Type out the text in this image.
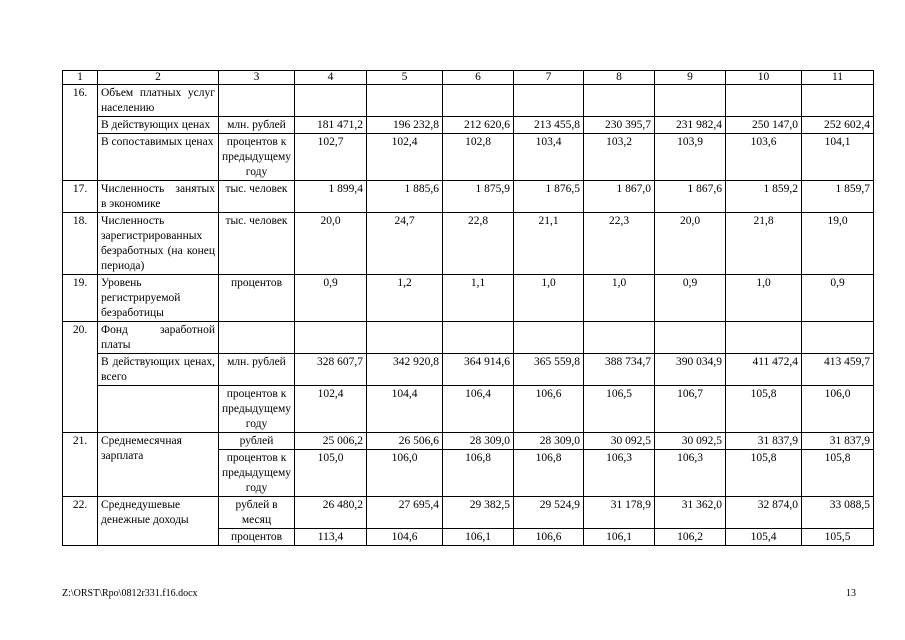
1	2	3	4	5	6	7	8	9	10	11
16.	Объем платных услуг населению									
	В действующих ценах	млн. рублей	181 471,2	196 232,8	212 620,6	213 455,8	230 395,7	231 982,4	250 147,0	252 602,4
	В сопоставимых ценах	процентов к предыдущему году	102,7	102,4	102,8	103,4	103,2	103,9	103,6	104,1
17.	Численность занятых в экономике	тыс. человек	1 899,4	1 885,6	1 875,9	1 876,5	1 867,0	1 867,6	1 859,2	1 859,7
18.	Численность зарегистрированных безработных (на конец периода)	тыс. человек	20,0	24,7	22,8	21,1	22,3	20,0	21,8	19,0
19.	Уровень регистрируемой безработицы	процентов	0,9	1,2	1,1	1,0	1,0	0,9	1,0	0,9
20.	Фонд заработной платы									
	В действующих ценах, всего	млн. рублей	328 607,7	342 920,8	364 914,6	365 559,8	388 734,7	390 034,9	411 472,4	413 459,7
		процентов к предыдущему году	102,4	104,4	106,4	106,6	106,5	106,7	105,8	106,0
21.	Среднемесячная зарплата	рублей	25 006,2	26 506,6	28 309,0	28 309,0	30 092,5	30 092,5	31 837,9	31 837,9
		процентов к предыдущему году	105,0	106,0	106,8	106,8	106,3	106,3	105,8	105,8
22.	Среднедушевые денежные доходы	рублей в месяц	26 480,2	27 695,4	29 382,5	29 524,9	31 178,9	31 362,0	32 874,0	33 088,5
		процентов	113,4	104,6	106,1	106,6	106,1	106,2	105,4	105,5
Z:\ORST\Rpo\0812r331.f16.docx	13
